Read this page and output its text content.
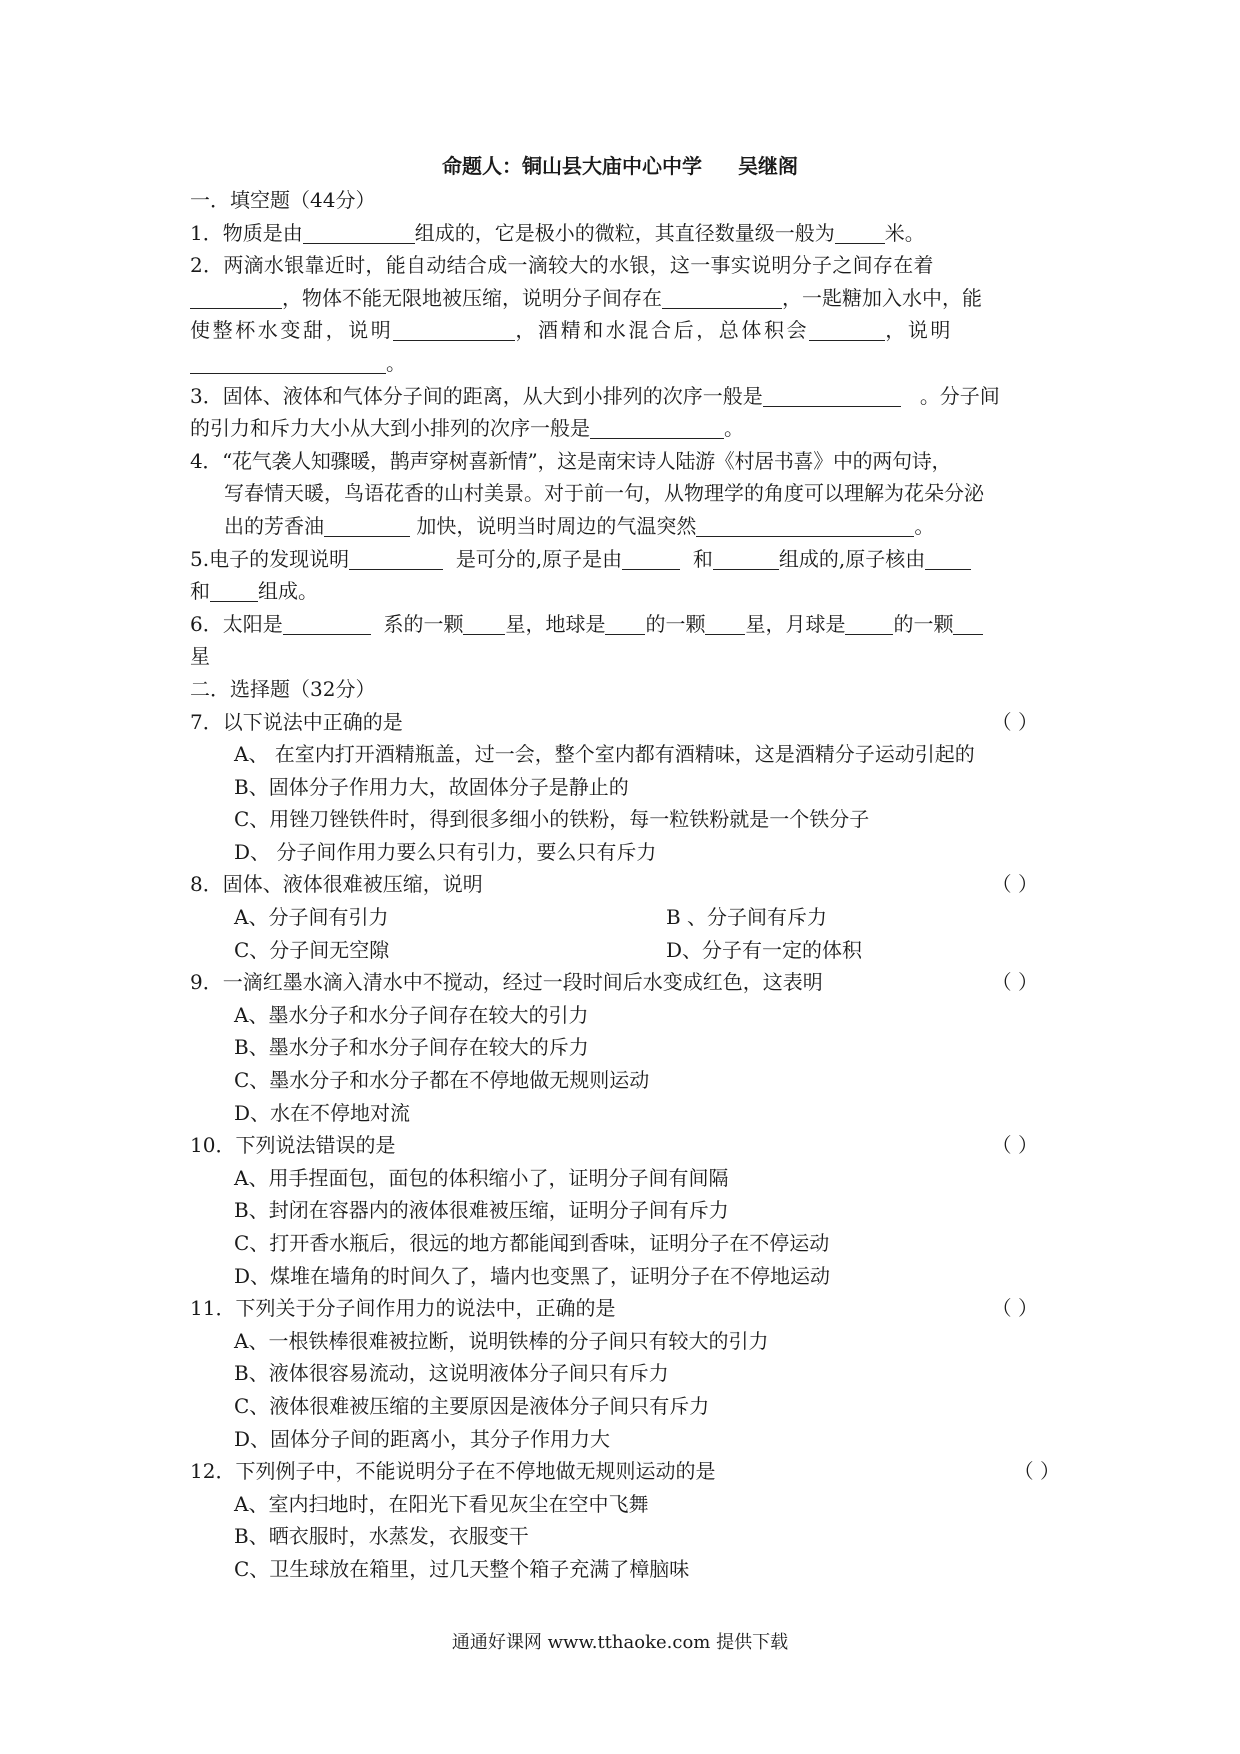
命题人：铜山县大庙中心中学 吴继阁
一．填空题（44分）
1．物质是由	组成的，它是极小的微粒，其直径数量级一般为	米。
2．两滴水银靠近时，能自动结合成一滴较大的水银，这一事实说明分子之间存在着
，物体不能无限地被压缩，说明分子间存在	，一匙糖加入水中，能
使整杯水变甜，说明	，酒精和水混合后，总体积会	，说明
。
3．固体、液体和气体分子间的距离，从大到小排列的次序一般是	。分子间
的引力和斥力大小从大到小排列的次序一般是	。
4．“花气袭人知骤暖，鹊声穿树喜新情”，这是南宋诗人陆游《村居书喜》中的两句诗，
写春情天暖，鸟语花香的山村美景。对于前一句，从物理学的角度可以理解为花朵分泌
出的芳香油	加快，说明当时周边的气温突然	。
5.电子的发现说明	是可分的,原子是由	和	组成的,原子核由
和 组成。
6．太阳是	系的一颗 星，地球是 的一颗 星，月球是 的一颗
星
二．选择题（32分）
7．以下说法中正确的是	（ ）
A、 在室内打开酒精瓶盖，过一会，整个室内都有酒精味，这是酒精分子运动引起的
B、固体分子作用力大，故固体分子是静止的
C、用锉刀锉铁件时，得到很多细小的铁粉，每一粒铁粉就是一个铁分子
D、 分子间作用力要么只有引力，要么只有斥力
8．固体、液体很难被压缩，说明	（ ）
A、分子间有引力	B 、分子间有斥力
C、分子间无空隙	D、分子有一定的体积
9．一滴红墨水滴入清水中不搅动，经过一段时间后水变成红色，这表明	（ ）
A、墨水分子和水分子间存在较大的引力
B、墨水分子和水分子间存在较大的斥力
C、墨水分子和水分子都在不停地做无规则运动
D、水在不停地对流
10．下列说法错误的是	（ ）
A、用手捏面包，面包的体积缩小了，证明分子间有间隔
B、封闭在容器内的液体很难被压缩，证明分子间有斥力
C、打开香水瓶后，很远的地方都能闻到香味，证明分子在不停运动
D、煤堆在墙角的时间久了，墙内也变黑了，证明分子在不停地运动
11．下列关于分子间作用力的说法中，正确的是	（ ）
A、一根铁棒很难被拉断，说明铁棒的分子间只有较大的引力
B、液体很容易流动，这说明液体分子间只有斥力
C、液体很难被压缩的主要原因是液体分子间只有斥力
D、固体分子间的距离小，其分子作用力大
12．下列例子中，不能说明分子在不停地做无规则运动的是	（ ）
A、室内扫地时，在阳光下看见灰尘在空中飞舞
B、晒衣服时，水蒸发，衣服变干
C、卫生球放在箱里，过几天整个箱子充满了樟脑味
通通好课网 www.tthaoke.com 提供下载
